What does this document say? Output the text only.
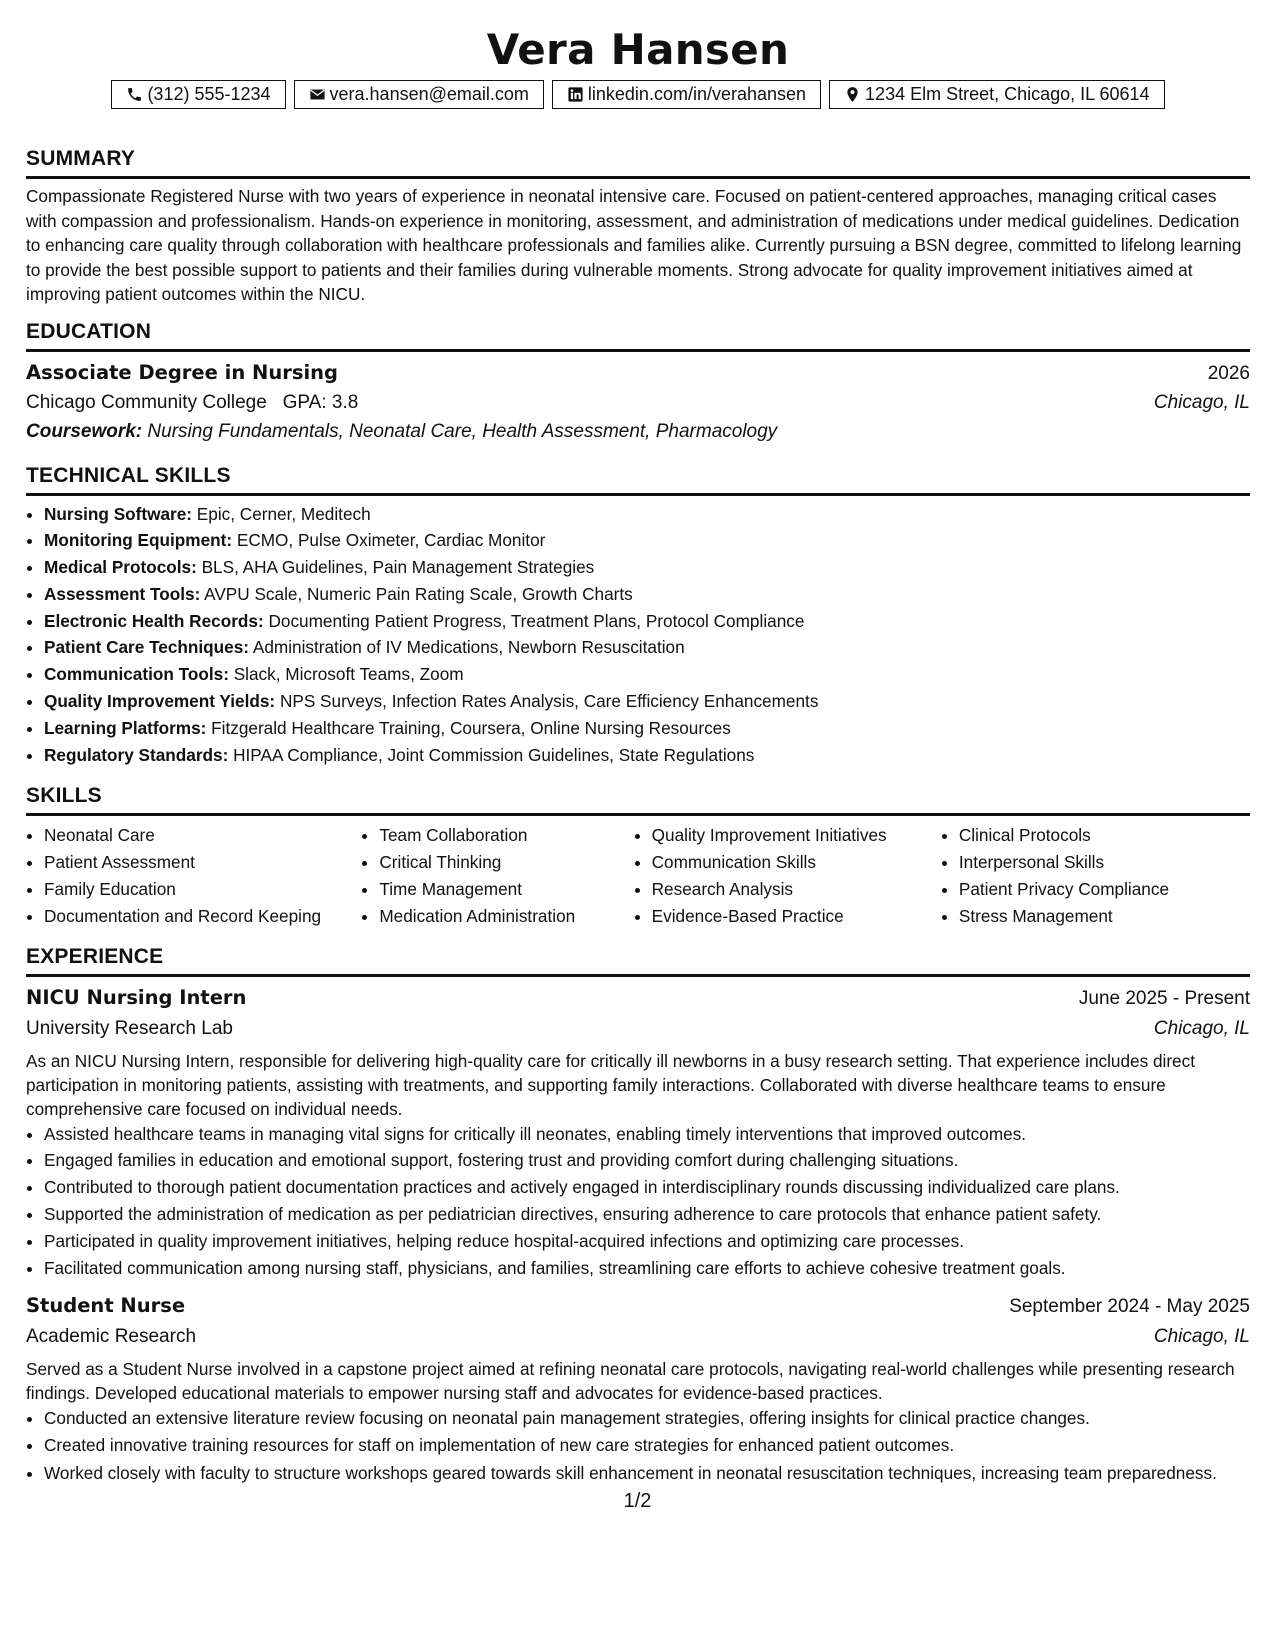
Vera Hansen
(312) 555-1234	vera.hansen@email.com	linkedin.com/in/verahansen	1234 Elm Street, Chicago, IL 60614
SUMMARY

Compassionate Registered Nurse with two years of experience in neonatal intensive care. Focused on patient-centered approaches, managing critical cases with compassion and professionalism. Hands-on experience in monitoring, assessment, and administration of medications under medical guidelines. Dedication to enhancing care quality through collaboration with healthcare professionals and families alike. Currently pursuing a BSN degree, committed to lifelong learning to provide the best possible support to patients and their families during vulnerable moments. Strong advocate for quality improvement initiatives aimed at improving patient outcomes within the NICU.

EDUCATION
Associate Degree in Nursing	2026
Chicago Community College GPA: 3.8	Chicago, IL
Coursework: Nursing Fundamentals, Neonatal Care, Health Assessment, Pharmacology
TECHNICAL SKILLS
• Nursing Software: Epic, Cerner, Meditech
• Monitoring Equipment: ECMO, Pulse Oximeter, Cardiac Monitor
• Medical Protocols: BLS, AHA Guidelines, Pain Management Strategies
• Assessment Tools: AVPU Scale, Numeric Pain Rating Scale, Growth Charts
• Electronic Health Records: Documenting Patient Progress, Treatment Plans, Protocol Compliance
• Patient Care Techniques: Administration of IV Medications, Newborn Resuscitation
• Communication Tools: Slack, Microsoft Teams, Zoom
• Quality Improvement Yields: NPS Surveys, Infection Rates Analysis, Care Efficiency Enhancements
• Learning Platforms: Fitzgerald Healthcare Training, Coursera, Online Nursing Resources
• Regulatory Standards: HIPAA Compliance, Joint Commission Guidelines, State Regulations
SKILLS
• Neonatal Care
• Patient Assessment
• Family Education
• Documentation and Record Keeping
• Team Collaboration
• Critical Thinking
• Time Management
• Medication Administration
• Quality Improvement Initiatives
• Communication Skills
• Research Analysis
• Evidence-Based Practice
• Clinical Protocols
• Interpersonal Skills
• Patient Privacy Compliance
• Stress Management
EXPERIENCE
NICU Nursing Intern	June 2025 - Present
University Research Lab	Chicago, IL

As an NICU Nursing Intern, responsible for delivering high-quality care for critically ill newborns in a busy research setting. That experience includes direct participation in monitoring patients, assisting with treatments, and supporting family interactions. Collaborated with diverse healthcare teams to ensure comprehensive care focused on individual needs.

• Assisted healthcare teams in managing vital signs for critically ill neonates, enabling timely interventions that improved outcomes.
• Engaged families in education and emotional support, fostering trust and providing comfort during challenging situations.
• Contributed to thorough patient documentation practices and actively engaged in interdisciplinary rounds discussing individualized care plans.
• Supported the administration of medication as per pediatrician directives, ensuring adherence to care protocols that enhance patient safety.
• Participated in quality improvement initiatives, helping reduce hospital-acquired infections and optimizing care processes.
• Facilitated communication among nursing staff, physicians, and families, streamlining care efforts to achieve cohesive treatment goals.
Student Nurse	September 2024 - May 2025
Academic Research	Chicago, IL

Served as a Student Nurse involved in a capstone project aimed at refining neonatal care protocols, navigating real-world challenges while presenting research findings. Developed educational materials to empower nursing staff and advocates for evidence-based practices.

• Conducted an extensive literature review focusing on neonatal pain management strategies, offering insights for clinical practice changes.
• Created innovative training resources for staff on implementation of new care strategies for enhanced patient outcomes.
• Worked closely with faculty to structure workshops geared towards skill enhancement in neonatal resuscitation techniques, increasing team preparedness.
1/2
